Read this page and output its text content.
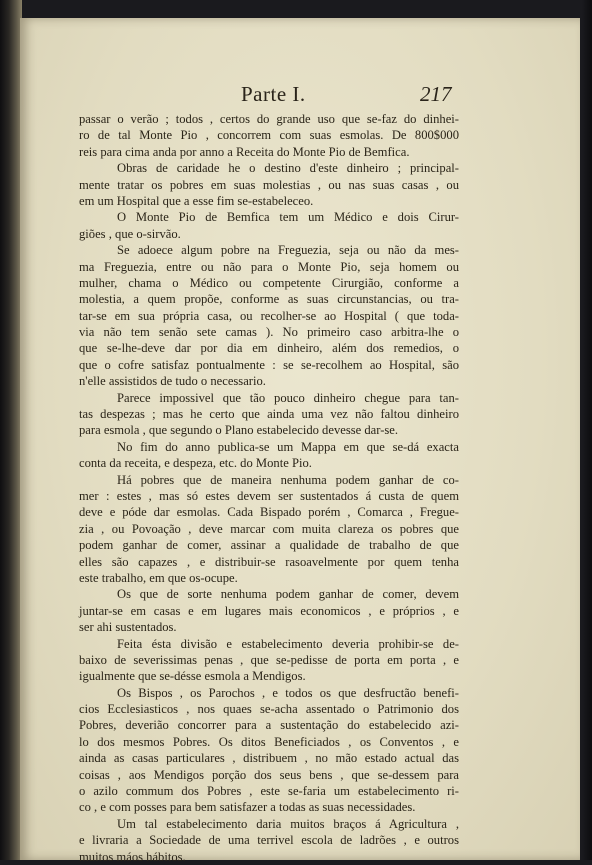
Parte I.	217
passar o verão ; todos , certos do grande uso que se-faz do dinhei-
ro de tal Monte Pio , concorrem com suas esmolas. De 800$000
reis para cima anda por anno a Receita do Monte Pio de Bemfica.
Obras de caridade he o destino d'este dinheiro ; principal-
mente tratar os pobres em suas molestias , ou nas suas casas , ou
em um Hospital que a esse fim se-estabeleceo.
O Monte Pio de Bemfica tem um Médico e dois Cirur-
giões , que o-sirvão.
Se adoece algum pobre na Freguezia, seja ou não da mes-
ma Freguezia, entre ou não para o Monte Pio, seja homem ou
mulher, chama o Médico ou competente Cirurgião, conforme a
molestia, a quem propõe, conforme as suas circunstancias, ou tra-
tar-se em sua própria casa, ou recolher-se ao Hospital ( que toda-
via não tem senão sete camas ). No primeiro caso arbitra-lhe o
que se-lhe-deve dar por dia em dinheiro, além dos remedios, o
que o cofre satisfaz pontualmente : se se-recolhem ao Hospital, são
n'elle assistidos de tudo o necessario.
Parece impossivel que tão pouco dinheiro chegue para tan-
tas despezas ; mas he certo que ainda uma vez não faltou dinheiro
para esmola , que segundo o Plano estabelecido devesse dar-se.
No fim do anno publica-se um Mappa em que se-dá exacta
conta da receita, e despeza, etc. do Monte Pio.
Há pobres que de maneira nenhuma podem ganhar de co-
mer : estes , mas só estes devem ser sustentados á custa de quem
deve e póde dar esmolas. Cada Bispado porém , Comarca , Fregue-
zia , ou Povoação , deve marcar com muita clareza os pobres que
podem ganhar de comer, assinar a qualidade de trabalho de que
elles são capazes , e distribuir-se rasoavelmente por quem tenha
este trabalho, em que os-ocupe.
Os que de sorte nenhuma podem ganhar de comer, devem
juntar-se em casas e em lugares mais economicos , e próprios , e
ser ahi sustentados.
Feita ésta divisão e estabelecimento deveria prohibir-se de-
baixo de severissimas penas , que se-pedisse de porta em porta , e
igualmente que se-désse esmola a Mendigos.
Os Bispos , os Parochos , e todos os que desfructão benefi-
cios Ecclesiasticos , nos quaes se-acha assentado o Patrimonio dos
Pobres, deverião concorrer para a sustentação do estabelecido azi-
lo dos mesmos Pobres. Os ditos Beneficiados , os Conventos , e
ainda as casas particulares , distribuem , no mão estado actual das
coisas , aos Mendigos porção dos seus bens , que se-dessem para
o azilo commum dos Pobres , este se-faria um estabelecimento ri-
co , e com posses para bem satisfazer a todas as suas necessidades.
Um tal estabelecimento daria muitos braços á Agricultura ,
e livraria a Sociedade de uma terrivel escola de ladrões , e outros
muitos máos hábitos.
